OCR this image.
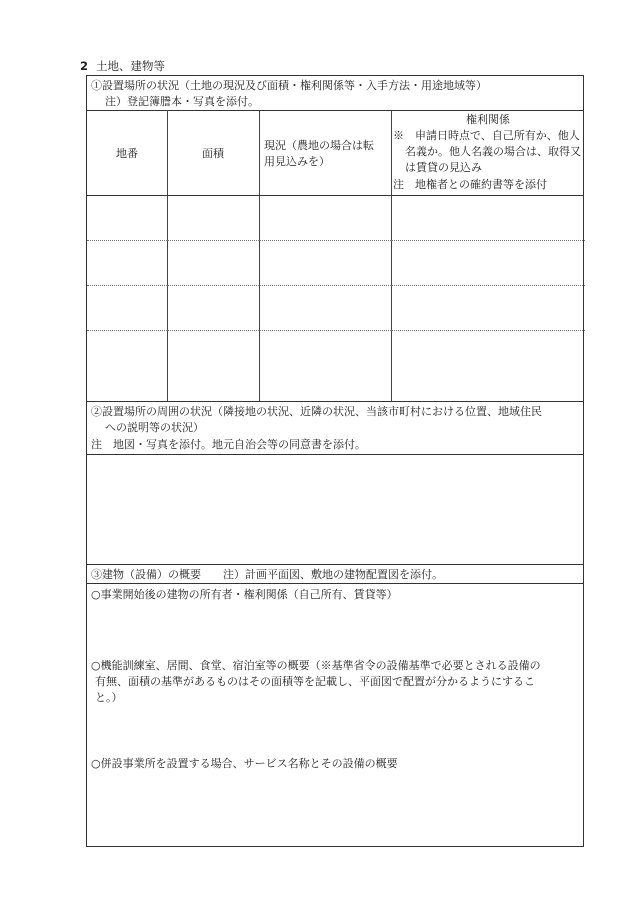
2 土地、建物等
①設置場所の状況（土地の現況及び面積・権利関係等・入手方法・用途地域等）
注）登記簿謄本・写真を添付。
地番	面積
現況（農地の場合は転
用見込みを）
権利関係
※　申請日時点で、自己所有か、他人
名義か。他人名義の場合は、取得又
は賃貸の見込み
注　地権者との確約書等を添付
②設置場所の周囲の状況（隣接地の状況、近隣の状況、当該市町村における位置、地域住民
への説明等の状況）
注　地図・写真を添付。地元自治会等の同意書を添付。
③建物（設備）の概要　　注）計画平面図、敷地の建物配置図を添付。
○事業開始後の建物の所有者・権利関係（自己所有、賃貸等）
○機能訓練室、居間、食堂、宿泊室等の概要（※基準省令の設備基準で必要とされる設備の
有無、面積の基準があるものはその面積等を記載し、平面図で配置が分かるようにするこ
と。）
○併設事業所を設置する場合、サービス名称とその設備の概要
